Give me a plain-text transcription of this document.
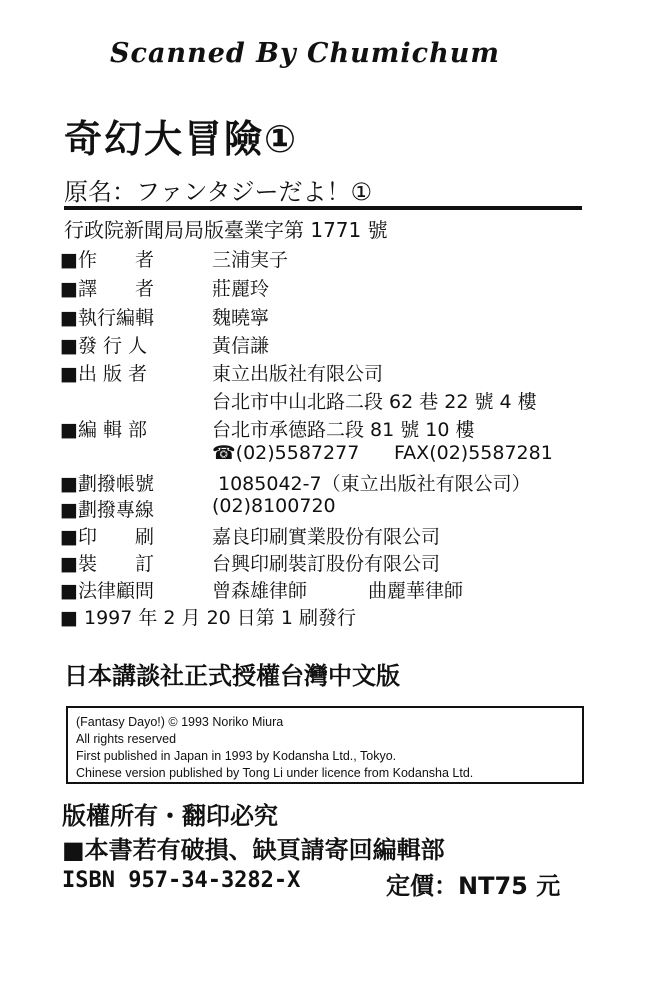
Scanned By Chumichum
奇幻大冒險①
原名：ファンタジーだよ！①
行政院新聞局局版臺業字第 1771 號
■作　　者	三浦実子
■譯　　者	莊麗玲
■執行編輯	魏曉寧
■發 行 人	黃信謙
■出 版 者	東立出版社有限公司
台北市中山北路二段 62 巷 22 號 4 樓
■編 輯 部	台北市承德路二段 81 號 10 樓
☎(02)5587277 FAX(02)5587281
■劃撥帳號	1085042-7（東立出版社有限公司）
■劃撥專線	(02)8100720
■印　　刷	嘉良印刷實業股份有限公司
■裝　　訂	台興印刷裝訂股份有限公司
■法律顧問	曾森雄律師	曲麗華律師
■ 1997 年 2 月 20 日第 1 刷發行
日本講談社正式授權台灣中文版
(Fantasy Dayo!) © 1993 Noriko Miura
All rights reserved
First published in Japan in 1993 by Kodansha Ltd., Tokyo.
Chinese version published by Tong Li under licence from Kodansha Ltd.
版權所有・翻印必究
■本書若有破損、缺頁請寄回編輯部
ISBN 957-34-3282-X	定價：NT75 元
